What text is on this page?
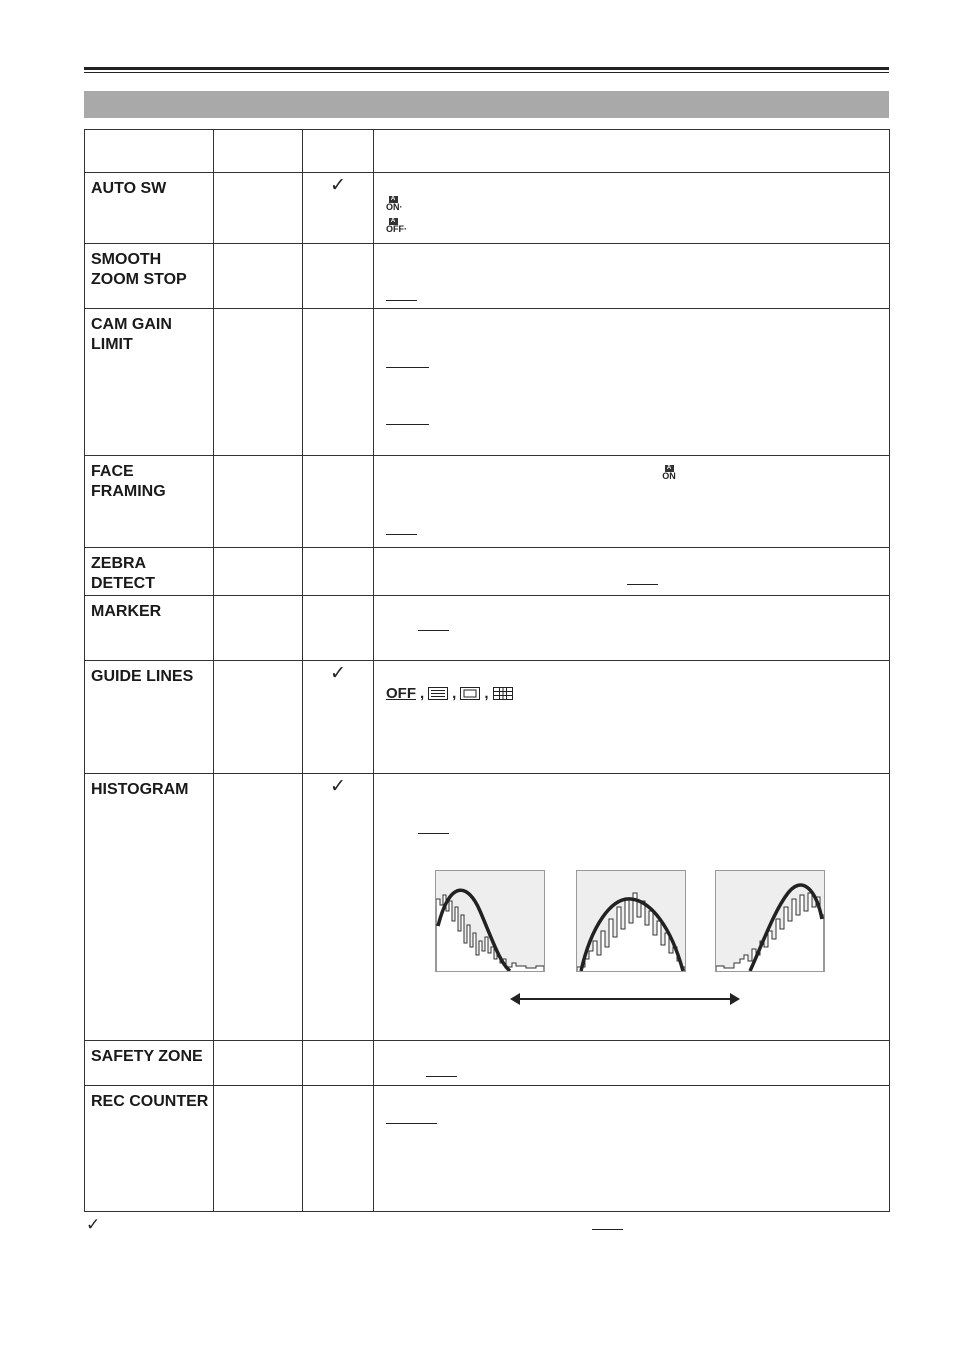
AUTO SW		✓	A
ON·
A
OFF·

SMOOTH
ZOOM STOP			

CAM GAIN
LIMIT			

FACE
FRAMING			A
ON

ZEBRA
DETECT			

MARKER			

GUIDE LINES		✓	OFF , , ,

HISTOGRAM		✓

SAFETY ZONE			

REC COUNTER			

✓
